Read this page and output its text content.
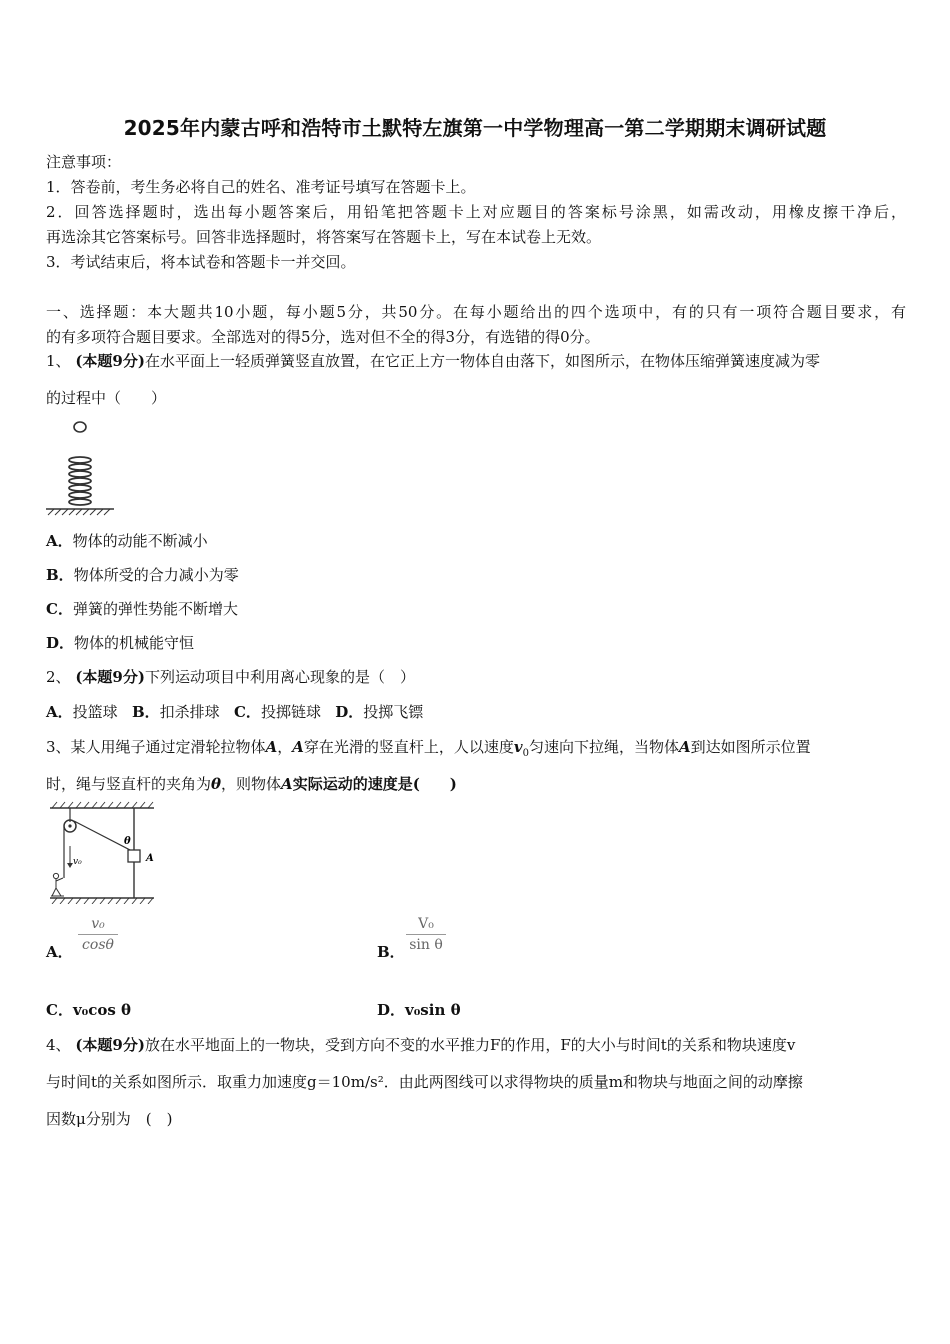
2025年内蒙古呼和浩特市土默特左旗第一中学物理高一第二学期期末调研试题
注意事项：
1．答卷前，考生务必将自己的姓名、准考证号填写在答题卡上。
2．回答选择题时，选出每小题答案后，用铅笔把答题卡上对应题目的答案标号涂黑，如需改动，用橡皮擦干净后，
再选涂其它答案标号。回答非选择题时，将答案写在答题卡上，写在本试卷上无效。
3．考试结束后，将本试卷和答题卡一并交回。
一、选择题：本大题共10小题，每小题5分，共50分。在每小题给出的四个选项中，有的只有一项符合题目要求，有
的有多项符合题目要求。全部选对的得5分，选对但不全的得3分，有选错的得0分。
1、 (本题9分)在水平面上一轻质弹簧竖直放置，在它正上方一物体自由落下，如图所示，在物体压缩弹簧速度减为零
的过程中（　　）
A．物体的动能不断减小
B．物体所受的合力减小为零
C．弹簧的弹性势能不断增大
D．物体的机械能守恒
2、 (本题9分)下列运动项目中利用离心现象的是（　）
A．投篮球 B．扣杀排球 C．投掷链球 D．投掷飞镖
3、某人用绳子通过定滑轮拉物体A，A穿在光滑的竖直杆上，人以速度$v_0$匀速向下拉绳，当物体A到达如图所示位置
时，绳与竖直杆的夹角为θ，则物体A实际运动的速度是(　　)
A
θ
v₀
A．
v₀
cosθ	B．
V₀
sin θ
C．v₀cos θ	D．v₀sin θ
4、 (本题9分)放在水平地面上的一物块，受到方向不变的水平推力F的作用，F的大小与时间t的关系和物块速度v
与时间t的关系如图所示．取重力加速度g＝10m/s²．由此两图线可以求得物块的质量m和物块与地面之间的动摩擦
因数μ分别为　(　)
